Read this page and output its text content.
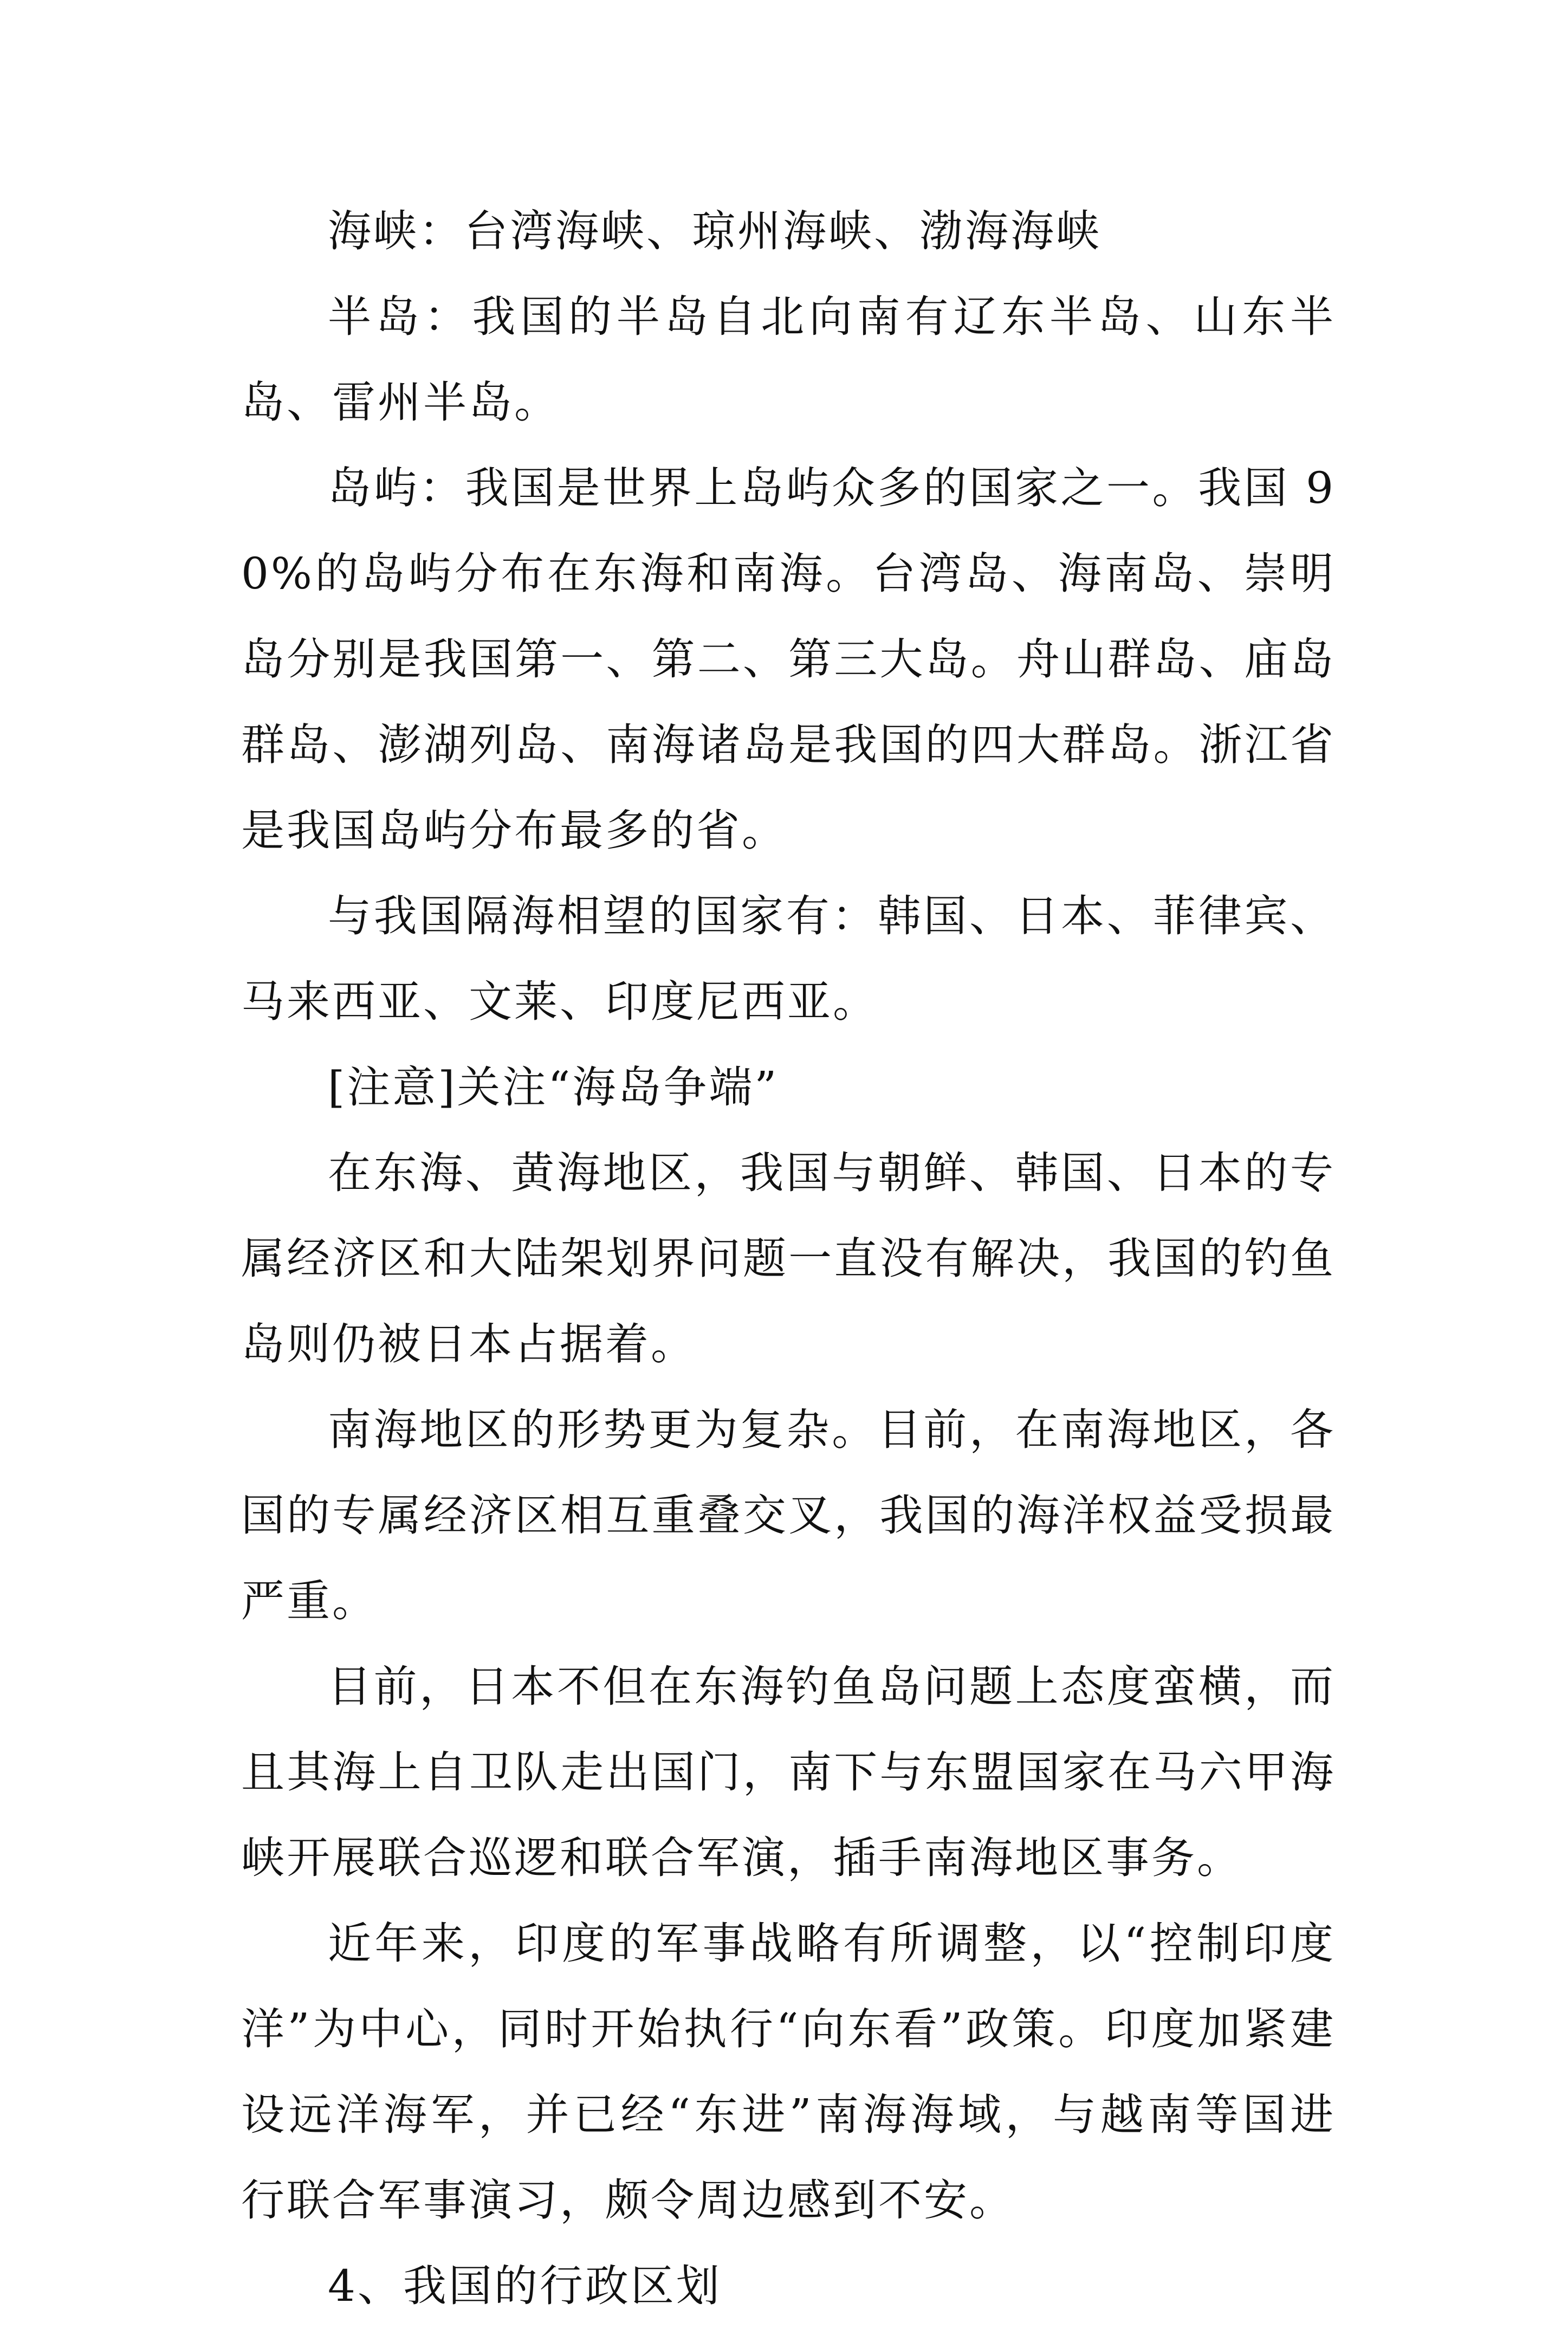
海峡：台湾海峡、琼州海峡、渤海海峡

半岛：我国的半岛自北向南有辽东半岛、山东半岛、雷州半岛。

岛屿：我国是世界上岛屿众多的国家之一。我国 90%的岛屿分布在东海和南海。台湾岛、海南岛、崇明岛分别是我国第一、第二、第三大岛。舟山群岛、庙岛群岛、澎湖列岛、南海诸岛是我国的四大群岛。浙江省是我国岛屿分布最多的省。

与我国隔海相望的国家有：韩国、日本、菲律宾、马来西亚、文莱、印度尼西亚。

[注意]关注“海岛争端”

在东海、黄海地区，我国与朝鲜、韩国、日本的专属经济区和大陆架划界问题一直没有解决，我国的钓鱼岛则仍被日本占据着。

南海地区的形势更为复杂。目前，在南海地区，各国的专属经济区相互重叠交叉，我国的海洋权益受损最严重。

目前，日本不但在东海钓鱼岛问题上态度蛮横，而且其海上自卫队走出国门，南下与东盟国家在马六甲海峡开展联合巡逻和联合军演，插手南海地区事务。

近年来，印度的军事战略有所调整，以“控制印度洋”为中心，同时开始执行“向东看”政策。印度加紧建设远洋海军，并已经“东进”南海海域，与越南等国进行联合军事演习，颇令周边感到不安。

4、我国的行政区划
